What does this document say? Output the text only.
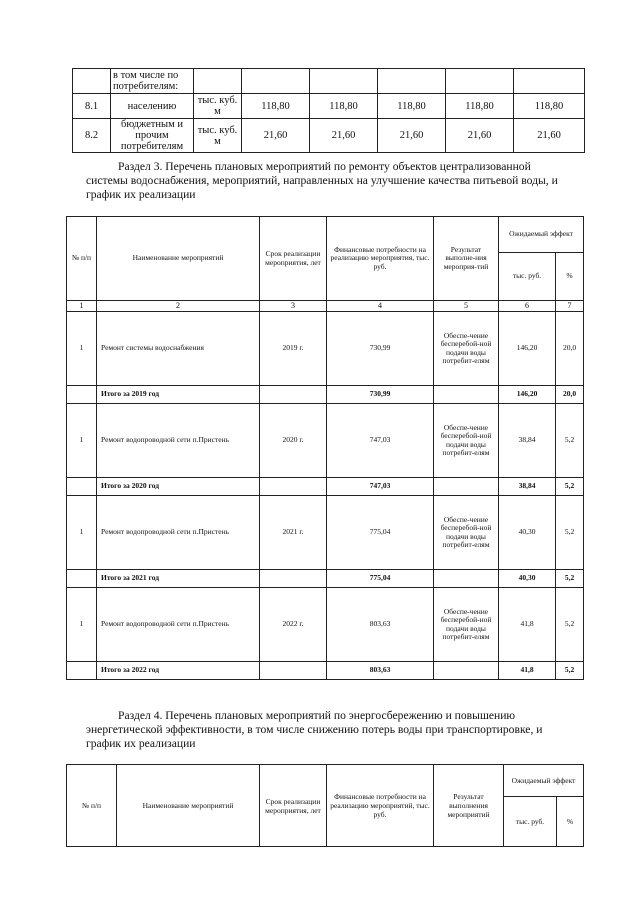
	в том числе по потребителям:						
8.1	населению	тыс. куб. м	118,80	118,80	118,80	118,80	118,80
8.2	бюджетным и прочим потребителям	тыс. куб. м	21,60	21,60	21,60	21,60	21,60

Раздел 3. Перечень плановых мероприятий по ремонту объектов централизованной
системы водоснабжения, мероприятий, направленных на улучшение качества питьевой воды, и
график их реализации

№ п/п	Наименование мероприятий	Срок реализации мероприятия, лет	Финансовые потребности на реализацию мероприятия, тыс. руб.	Результат выполне-ния мероприя-тий	Ожидаемый эффект	
					тыс. руб.	%
1	2	3	4	5	6	7
1	Ремонт системы водоснабжения	2019 г.	730,99	Обеспе-чение бесперебой-ной подачи воды потребит-елям	146,20	20,0
	Итого за 2019 год		730,99		146,20	20,0
1	Ремонт водопроводной сети п.Пристень	2020 г.	747,03	Обеспе-чение бесперебой-ной подачи воды потребит-елям	38,84	5,2
	Итого за 2020 год		747,03		38,84	5,2
1	Ремонт водопроводной сети п.Пристень	2021 г.	775,04	Обеспе-чение бесперебой-ной подачи воды потребит-елям	40,30	5,2
	Итого за 2021 год		775,04		40,30	5,2
1	Ремонт водопроводной сети п.Пристень	2022 г.	803,63	Обеспе-чение бесперебой-ной подачи воды потребит-елям	41,8	5,2
	Итого за 2022 год		803,63		41,8	5,2

Раздел 4. Перечень плановых мероприятий по энергосбережению и повышению
энергетической эффективности, в том числе снижению потерь воды при транспортировке, и
график их реализации

№ п/п	Наименование мероприятий	Срок реализации мероприятия, лет	Финансовые потребности на реализацию мероприятий, тыс. руб.	Результат выполнения мероприятий	Ожидаемый эффект	
					тыс. руб.	%
